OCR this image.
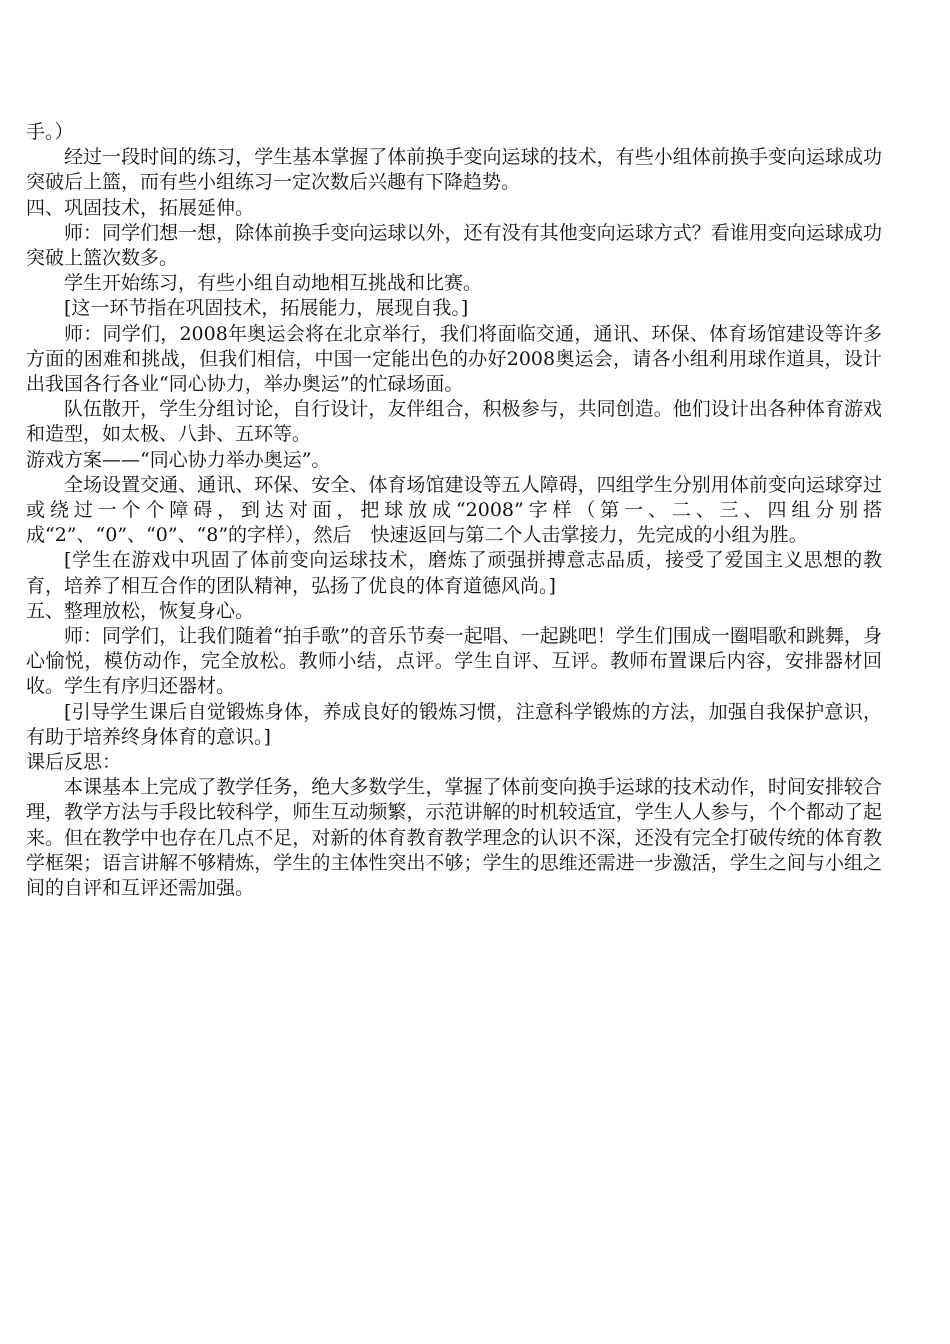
手。）

经过一段时间的练习，学生基本掌握了体前换手变向运球的技术，有些小组体前换手变向运球成功突破后上篮，而有些小组练习一定次数后兴趣有下降趋势。

四、巩固技术，拓展延伸。

师：同学们想一想，除体前换手变向运球以外，还有没有其他变向运球方式？看谁用变向运球成功突破上篮次数多。

学生开始练习，有些小组自动地相互挑战和比赛。

[这一环节指在巩固技术，拓展能力，展现自我。]

师：同学们，2008年奥运会将在北京举行，我们将面临交通，通讯、环保、体育场馆建设等许多方面的困难和挑战，但我们相信，中国一定能出色的办好2008奥运会，请各小组利用球作道具，设计出我国各行各业“同心协力，举办奥运”的忙碌场面。

队伍散开，学生分组讨论，自行设计，友伴组合，积极参与，共同创造。他们设计出各种体育游戏和造型，如太极、八卦、五环等。

游戏方案——“同心协力举办奥运”。

全场设置交通、通讯、环保、安全、体育场馆建设等五人障碍，四组学生分别用体前变向运球穿过或绕过一个个障碍，到达对面，把球放成“2008”字样（第一、二、三、四组分别搭成“2”、“0”、“0”、“8”的字样），然后　快速返回与第二个人击掌接力，先完成的小组为胜。

[学生在游戏中巩固了体前变向运球技术，磨炼了顽强拼搏意志品质，接受了爱国主义思想的教育，培养了相互合作的团队精神，弘扬了优良的体育道德风尚。]

五、整理放松，恢复身心。

师：同学们，让我们随着“拍手歌”的音乐节奏一起唱、一起跳吧！学生们围成一圈唱歌和跳舞，身心愉悦，模仿动作，完全放松。教师小结，点评。学生自评、互评。教师布置课后内容，安排器材回收。学生有序归还器材。

[引导学生课后自觉锻炼身体，养成良好的锻炼习惯，注意科学锻炼的方法，加强自我保护意识，有助于培养终身体育的意识。]

课后反思：

本课基本上完成了教学任务，绝大多数学生，掌握了体前变向换手运球的技术动作，时间安排较合理，教学方法与手段比较科学，师生互动频繁，示范讲解的时机较适宜，学生人人参与，个个都动了起来。但在教学中也存在几点不足，对新的体育教育教学理念的认识不深，还没有完全打破传统的体育教学框架；语言讲解不够精炼，学生的主体性突出不够；学生的思维还需进一步激活，学生之间与小组之间的自评和互评还需加强。
